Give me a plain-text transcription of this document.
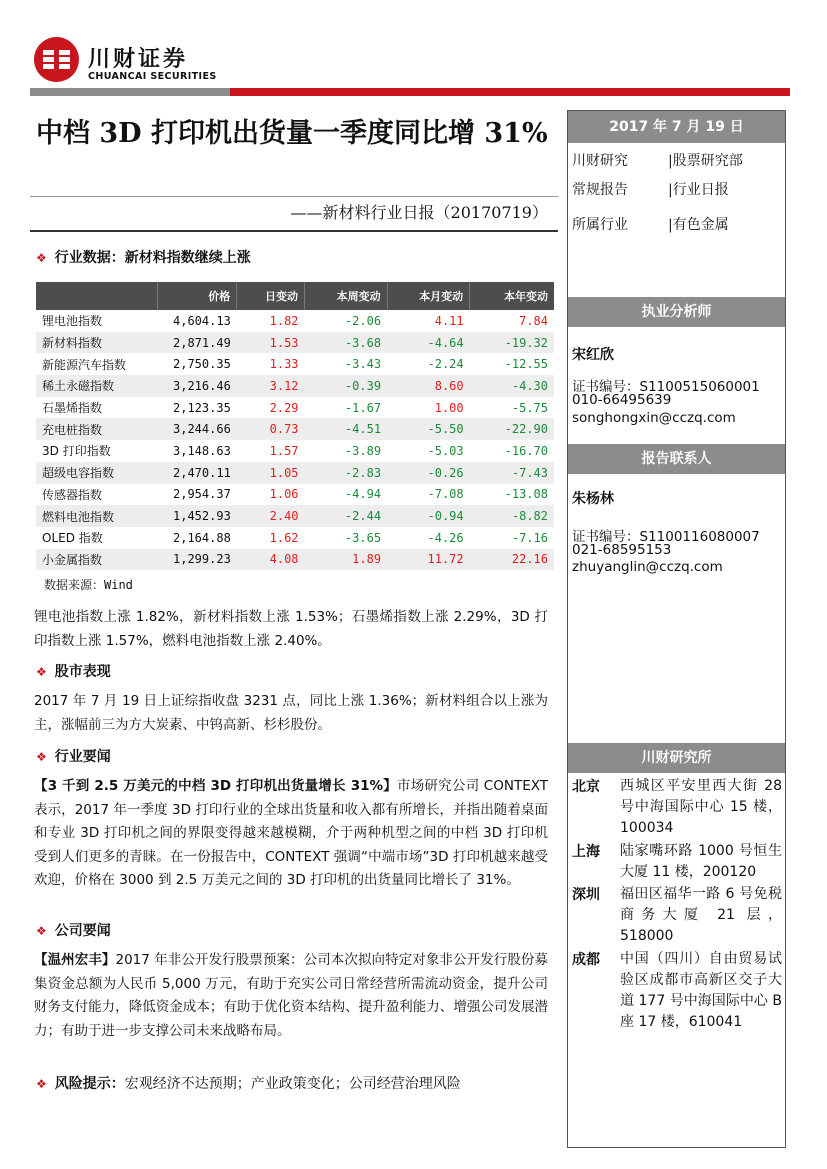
川财证券
CHUANCAI SECURITIES
中档 3D 打印机出货量一季度同比增 31%
——新材料行业日报（20170719）
❖ 行业数据：新材料指数继续上涨
	价格	日变动	本周变动	本月变动	本年变动
锂电池指数	4,604.13	1.82	-2.06	4.11	7.84
新材料指数	2,871.49	1.53	-3.68	-4.64	-19.32
新能源汽车指数	2,750.35	1.33	-3.43	-2.24	-12.55
稀土永磁指数	3,216.46	3.12	-0.39	8.60	-4.30
石墨烯指数	2,123.35	2.29	-1.67	1.00	-5.75
充电桩指数	3,244.66	0.73	-4.51	-5.50	-22.90
3D 打印指数	3,148.63	1.57	-3.89	-5.03	-16.70
超级电容指数	2,470.11	1.05	-2.83	-0.26	-7.43
传感器指数	2,954.37	1.06	-4.94	-7.08	-13.08
燃料电池指数	1,452.93	2.40	-2.44	-0.94	-8.82
OLED 指数	2,164.88	1.62	-3.65	-4.26	-7.16
小金属指数	1,299.23	4.08	1.89	11.72	22.16
数据来源：Wind
锂电池指数上涨 1.82%，新材料指数上涨 1.53%；石墨烯指数上涨 2.29%，3D 打印指数上涨 1.57%，燃料电池指数上涨 2.40%。
❖ 股市表现
2017 年 7 月 19 日上证综指收盘 3231 点，同比上涨 1.36%；新材料组合以上涨为主，涨幅前三为方大炭素、中钨高新、杉杉股份。
❖ 行业要闻
【3 千到 2.5 万美元的中档 3D 打印机出货量增长 31%】市场研究公司 CONTEXT 表示，2017 年一季度 3D 打印行业的全球出货量和收入都有所增长，并指出随着桌面和专业 3D 打印机之间的界限变得越来越模糊，介于两种机型之间的中档 3D 打印机受到人们更多的青睐。在一份报告中，CONTEXT 强调“中端市场”3D 打印机越来越受欢迎，价格在 3000 到 2.5 万美元之间的 3D 打印机的出货量同比增长了 31%。
❖ 公司要闻
【温州宏丰】2017 年非公开发行股票预案：公司本次拟向特定对象非公开发行股份募集资金总额为人民币 5,000 万元，有助于充实公司日常经营所需流动资金，提升公司财务支付能力，降低资金成本；有助于优化资本结构、提升盈利能力、增强公司发展潜力；有助于进一步支撑公司未来战略布局。
❖ 风险提示：宏观经济不达预期；产业政策变化；公司经营治理风险
2017 年 7 月 19 日
川财研究	|股票研究部
常规报告	|行业日报
所属行业	|有色金属
执业分析师
宋红欣
证书编号：S1100515060001
010-66495639
songhongxin@cczq.com
报告联系人
朱杨林
证书编号：S1100116080007
021-68595153
zhuyanglin@cczq.com
川财研究所
北京 西城区平安里西大街 28 号中海国际中心 15 楼，100034
上海 陆家嘴环路 1000 号恒生大厦 11 楼，200120
深圳 福田区福华一路 6 号免税商务大厦 21 层，518000
成都 中国（四川）自由贸易试验区成都市高新区交子大道 177 号中海国际中心 B 座 17 楼，610041
